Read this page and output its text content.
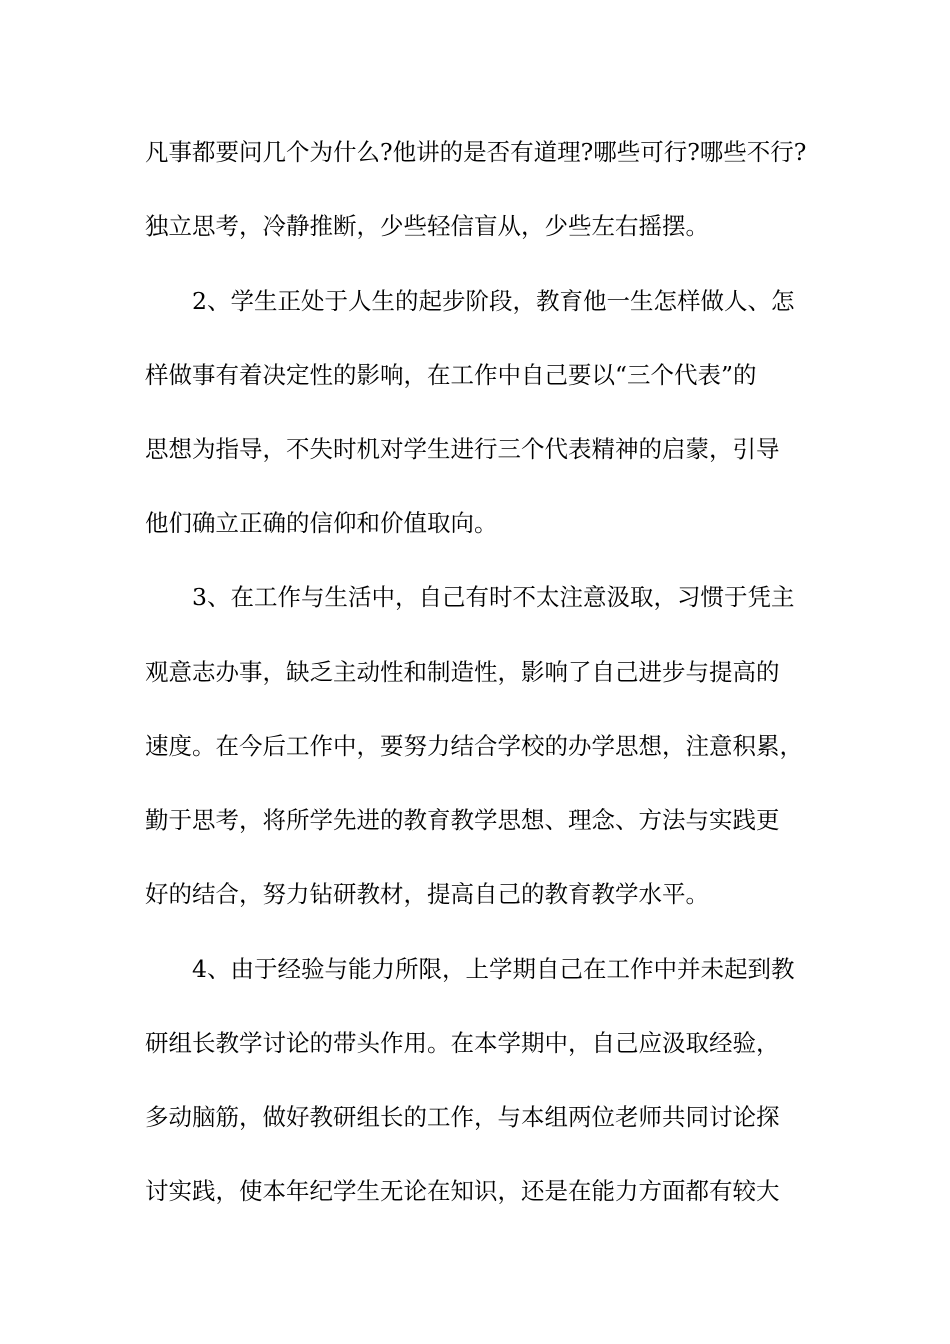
凡事都要问几个为什么?他讲的是否有道理?哪些可行?哪些不行?
独立思考，冷静推断，少些轻信盲从，少些左右摇摆。
2、学生正处于人生的起步阶段，教育他一生怎样做人、怎
样做事有着决定性的影响，在工作中自己要以“三个代表”的
思想为指导，不失时机对学生进行三个代表精神的启蒙，引导
他们确立正确的信仰和价值取向。
3、在工作与生活中，自己有时不太注意汲取，习惯于凭主
观意志办事，缺乏主动性和制造性，影响了自己进步与提高的
速度。在今后工作中，要努力结合学校的办学思想，注意积累，
勤于思考，将所学先进的教育教学思想、理念、方法与实践更
好的结合，努力钻研教材，提高自己的教育教学水平。
4、由于经验与能力所限，上学期自己在工作中并未起到教
研组长教学讨论的带头作用。在本学期中，自己应汲取经验，
多动脑筋，做好教研组长的工作，与本组两位老师共同讨论探
讨实践，使本年纪学生无论在知识，还是在能力方面都有较大
